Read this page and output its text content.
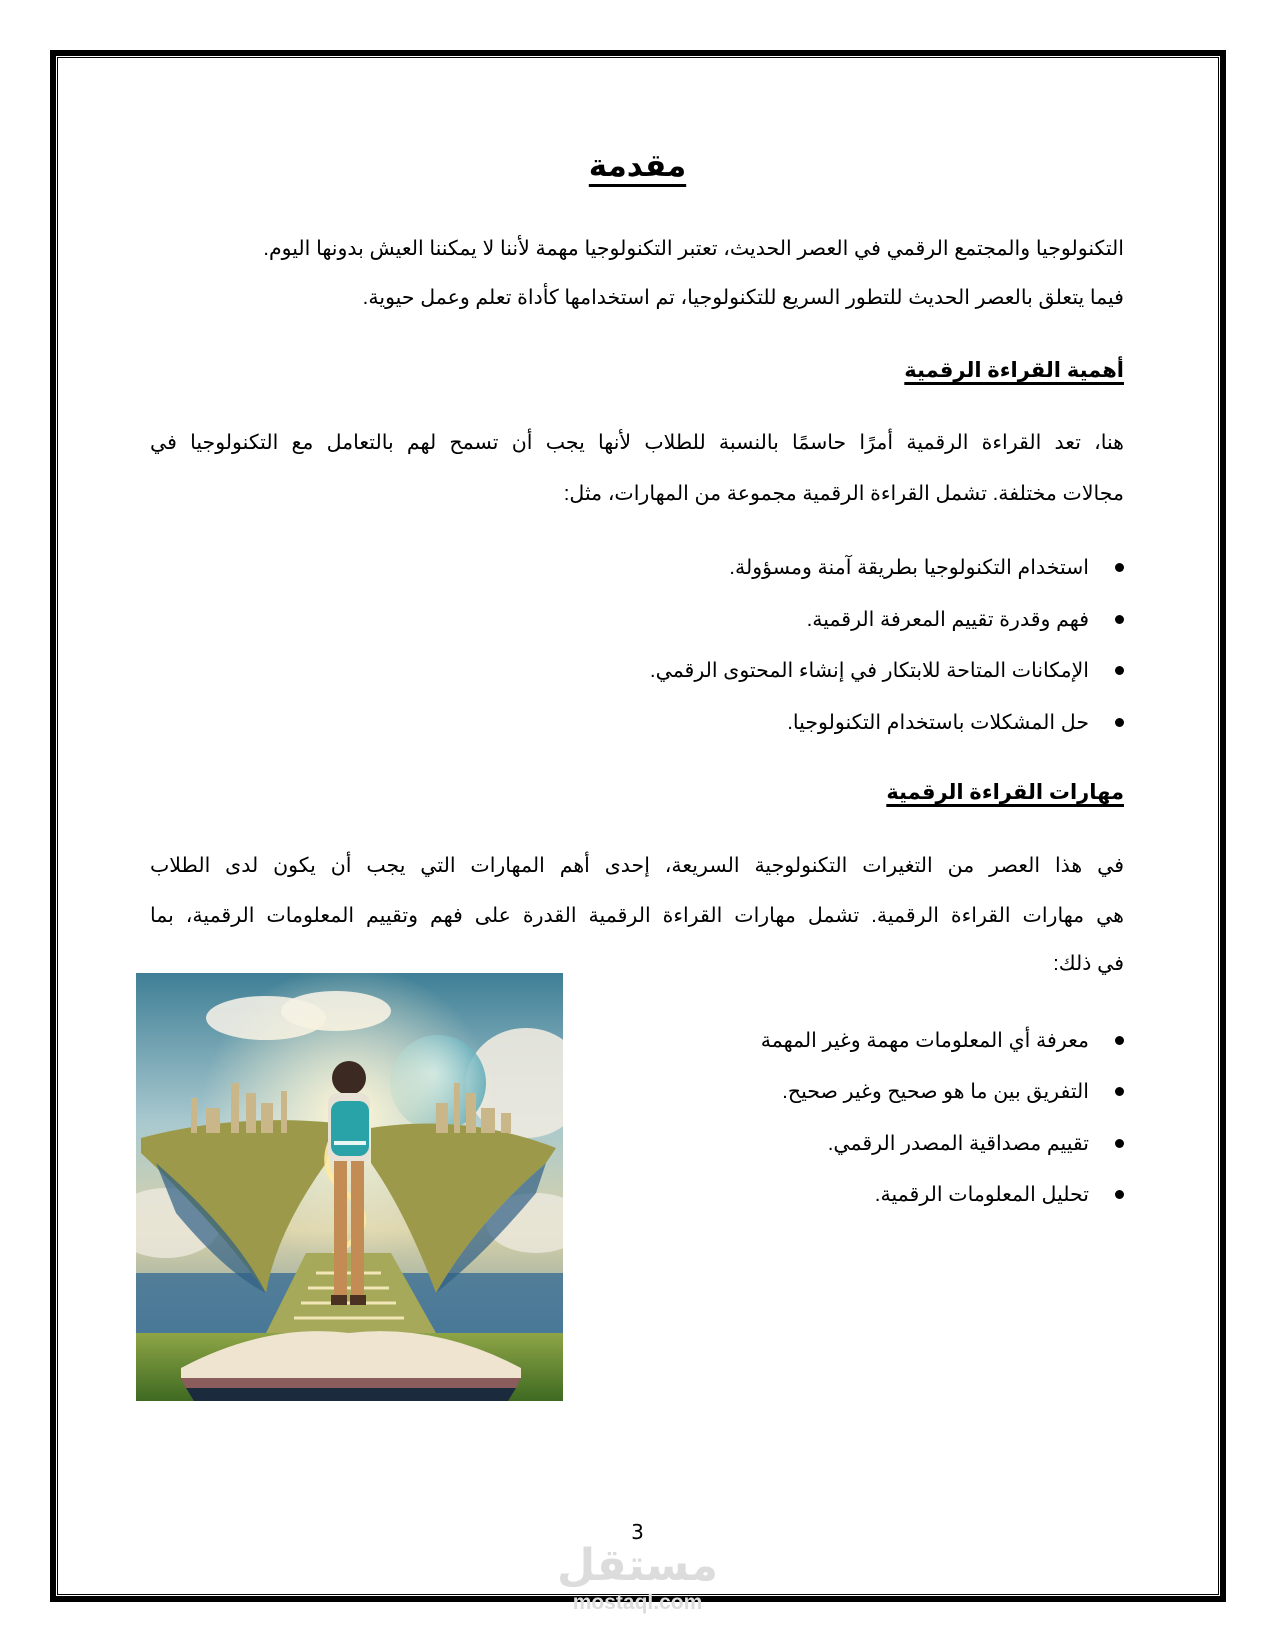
مقدمة
التكنولوجيا والمجتمع الرقمي في العصر الحديث، تعتبر التكنولوجيا مهمة لأننا لا يمكننا العيش بدونها اليوم.
فيما يتعلق بالعصر الحديث للتطور السريع للتكنولوجيا، تم استخدامها كأداة تعلم وعمل حيوية.
أهمية القراءة الرقمية
هنا، تعد القراءة الرقمية أمرًا حاسمًا بالنسبة للطلاب لأنها يجب أن تسمح لهم بالتعامل مع التكنولوجيا في
مجالات مختلفة. تشمل القراءة الرقمية مجموعة من المهارات، مثل:
استخدام التكنولوجيا بطريقة آمنة ومسؤولة.
فهم وقدرة تقييم المعرفة الرقمية.
الإمكانات المتاحة للابتكار في إنشاء المحتوى الرقمي.
حل المشكلات باستخدام التكنولوجيا.
مهارات القراءة الرقمية
في هذا العصر من التغيرات التكنولوجية السريعة، إحدى أهم المهارات التي يجب أن يكون لدى الطلاب
هي مهارات القراءة الرقمية. تشمل مهارات القراءة الرقمية القدرة على فهم وتقييم المعلومات الرقمية، بما
في ذلك:
معرفة أي المعلومات مهمة وغير المهمة
التفريق بين ما هو صحيح وغير صحيح.
تقييم مصداقية المصدر الرقمي.
تحليل المعلومات الرقمية.
3
مستقل
mostaql.com
